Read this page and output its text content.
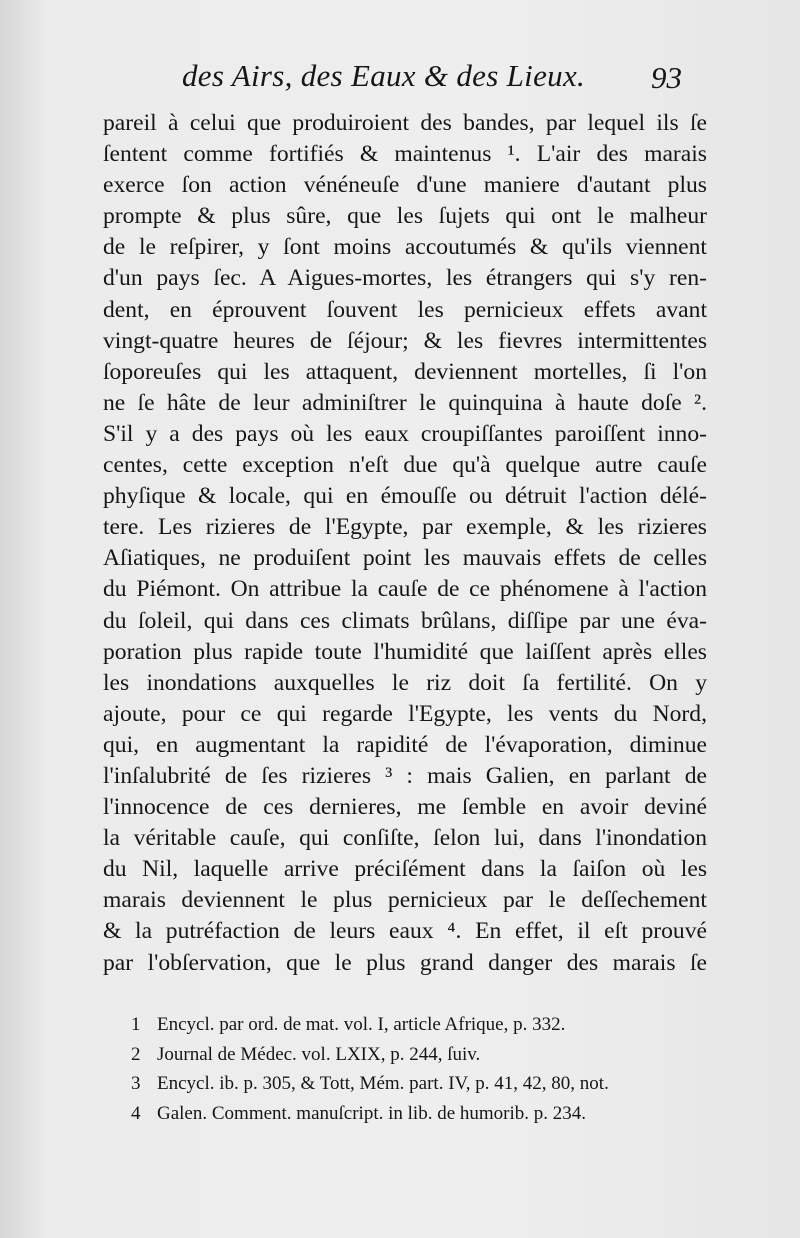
des Airs, des Eaux & des Lieux. 93
pareil à celui que produiroient des bandes, par lequel ils ſe
ſentent comme fortifiés & maintenus ¹. L'air des marais
exerce ſon action vénéneuſe d'une maniere d'autant plus
prompte & plus sûre, que les ſujets qui ont le malheur
de le reſpirer, y ſont moins accoutumés & qu'ils viennent
d'un pays ſec. A Aigues-mortes, les étrangers qui s'y ren-
dent, en éprouvent ſouvent les pernicieux effets avant
vingt-quatre heures de ſéjour; & les fievres intermittentes
ſoporeuſes qui les attaquent, deviennent mortelles, ſi l'on
ne ſe hâte de leur adminiſtrer le quinquina à haute doſe ².
S'il y a des pays où les eaux croupiſſantes paroiſſent inno-
centes, cette exception n'eſt due qu'à quelque autre cauſe
phyſique & locale, qui en émouſſe ou détruit l'action délé-
tere. Les rizieres de l'Egypte, par exemple, & les rizieres
Aſiatiques, ne produiſent point les mauvais effets de celles
du Piémont. On attribue la cauſe de ce phénomene à l'action
du ſoleil, qui dans ces climats brûlans, diſſipe par une éva-
poration plus rapide toute l'humidité que laiſſent après elles
les inondations auxquelles le riz doit ſa fertilité. On y
ajoute, pour ce qui regarde l'Egypte, les vents du Nord,
qui, en augmentant la rapidité de l'évaporation, diminue
l'inſalubrité de ſes rizieres ³ : mais Galien, en parlant de
l'innocence de ces dernieres, me ſemble en avoir deviné
la véritable cauſe, qui conſiſte, ſelon lui, dans l'inondation
du Nil, laquelle arrive préciſément dans la ſaiſon où les
marais deviennent le plus pernicieux par le deſſechement
& la putréfaction de leurs eaux ⁴. En effet, il eſt prouvé
par l'obſervation, que le plus grand danger des marais ſe
1 Encycl. par ord. de mat. vol. I, article Afrique, p. 332.
2 Journal de Médec. vol. LXIX, p. 244, ſuiv.
3 Encycl. ib. p. 305, & Tott, Mém. part. IV, p. 41, 42, 80, not.
4 Galen. Comment. manuſcript. in lib. de humorib. p. 234.
